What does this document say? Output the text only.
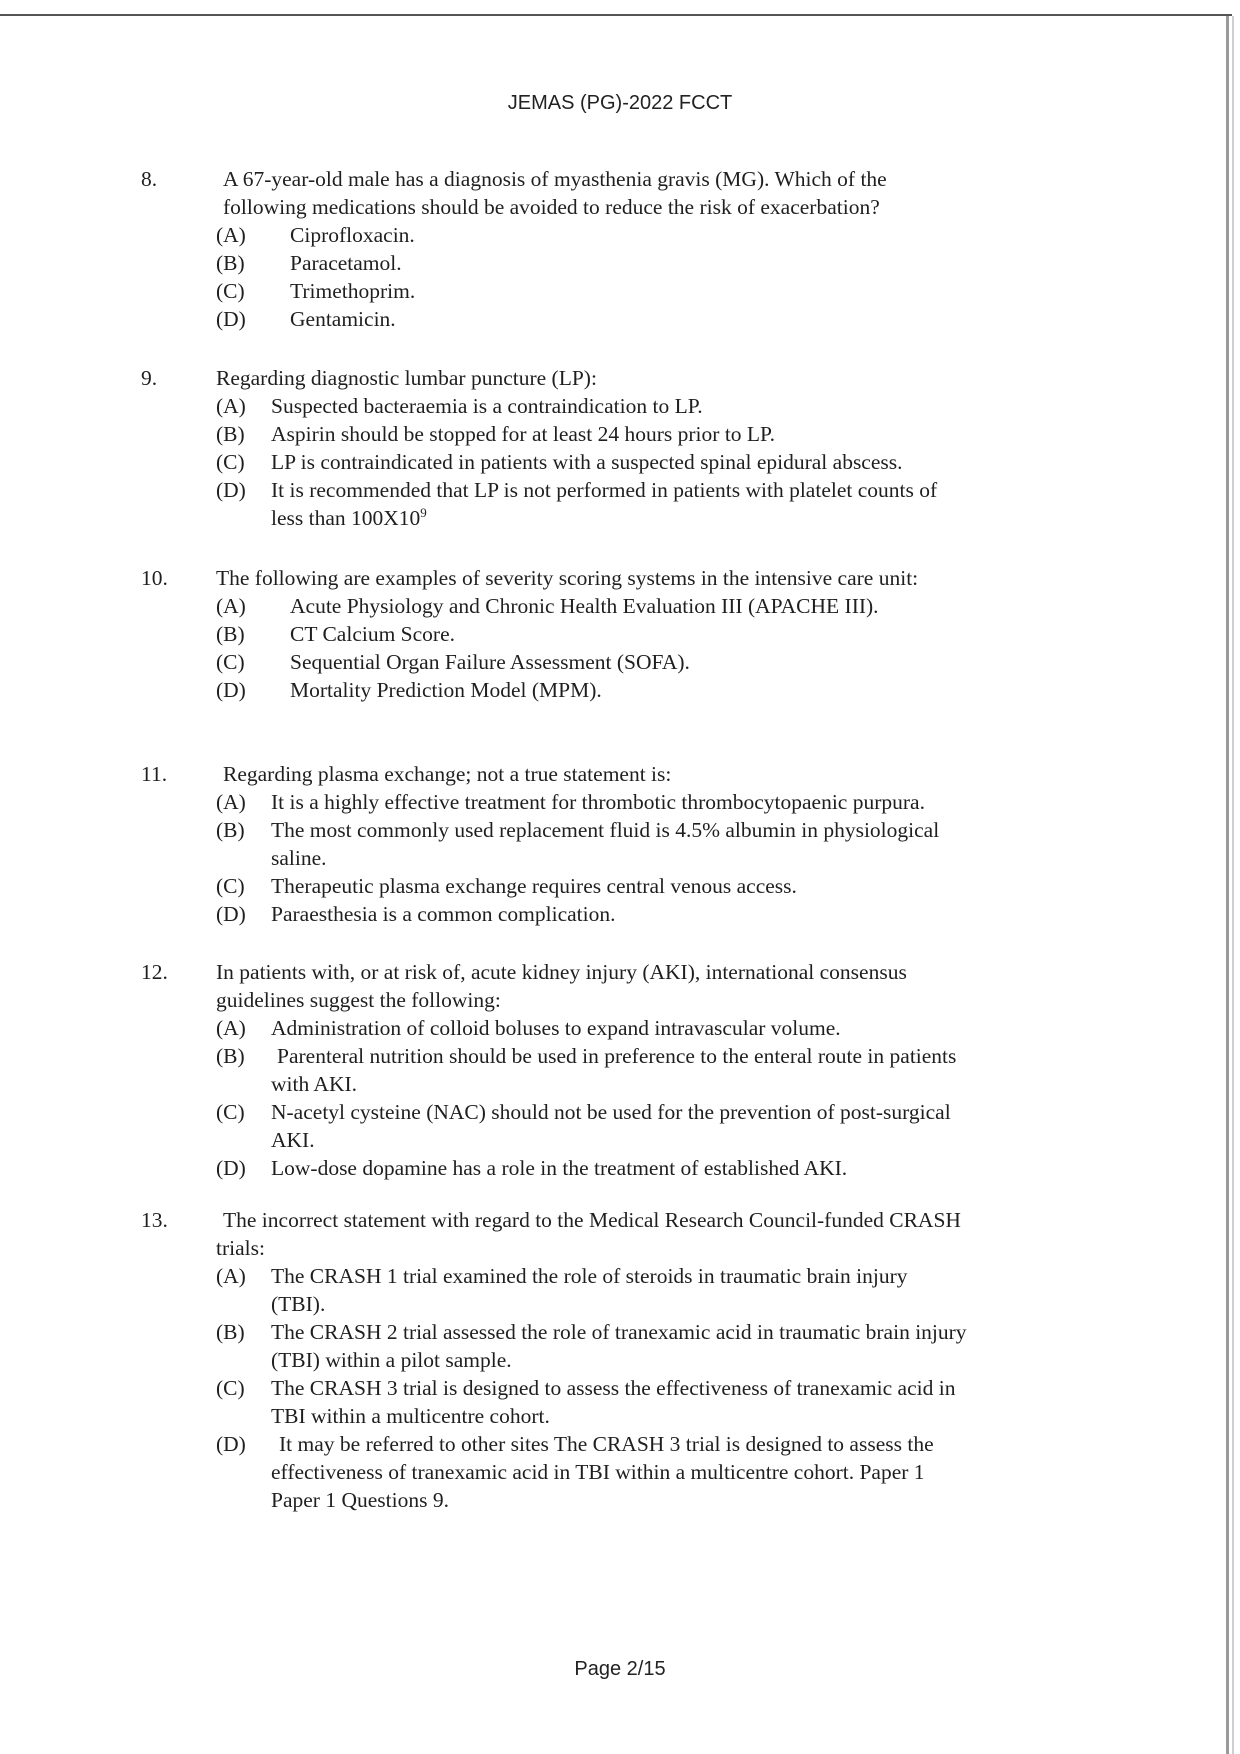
JEMAS (PG)-2022 FCCT
8.	A 67-year-old male has a diagnosis of myasthenia gravis (MG). Which of the
following medications should be avoided to reduce the risk of exacerbation?
(A) Ciprofloxacin.
(B) Paracetamol.
(C) Trimethoprim.
(D) Gentamicin.
9.	Regarding diagnostic lumbar puncture (LP):
(A) Suspected bacteraemia is a contraindication to LP.
(B) Aspirin should be stopped for at least 24 hours prior to LP.
(C) LP is contraindicated in patients with a suspected spinal epidural abscess.
(D) It is recommended that LP is not performed in patients with platelet counts of
less than $100X10^9$
10. The following are examples of severity scoring systems in the intensive care unit:
(A) Acute Physiology and Chronic Health Evaluation III (APACHE III).
(B) CT Calcium Score.
(C) Sequential Organ Failure Assessment (SOFA).
(D) Mortality Prediction Model (MPM).
11.	Regarding plasma exchange; not a true statement is:
(A) It is a highly effective treatment for thrombotic thrombocytopaenic purpura.
(B) The most commonly used replacement fluid is 4.5% albumin in physiological
saline.
(C) Therapeutic plasma exchange requires central venous access.
(D) Paraesthesia is a common complication.
12. In patients with, or at risk of, acute kidney injury (AKI), international consensus
guidelines suggest the following:
(A) Administration of colloid boluses to expand intravascular volume.
(B) Parenteral nutrition should be used in preference to the enteral route in patients
with AKI.
(C) N-acetyl cysteine (NAC) should not be used for the prevention of post-surgical
AKI.
(D) Low-dose dopamine has a role in the treatment of established AKI.
13.	The incorrect statement with regard to the Medical Research Council-funded CRASH
trials:
(A) The CRASH 1 trial examined the role of steroids in traumatic brain injury
(TBI).
(B) The CRASH 2 trial assessed the role of tranexamic acid in traumatic brain injury
(TBI) within a pilot sample.
(C) The CRASH 3 trial is designed to assess the effectiveness of tranexamic acid in
TBI within a multicentre cohort.
(D)	It may be referred to other sites The CRASH 3 trial is designed to assess the
effectiveness of tranexamic acid in TBI within a multicentre cohort. Paper 1
Paper 1 Questions 9.
Page 2/15
